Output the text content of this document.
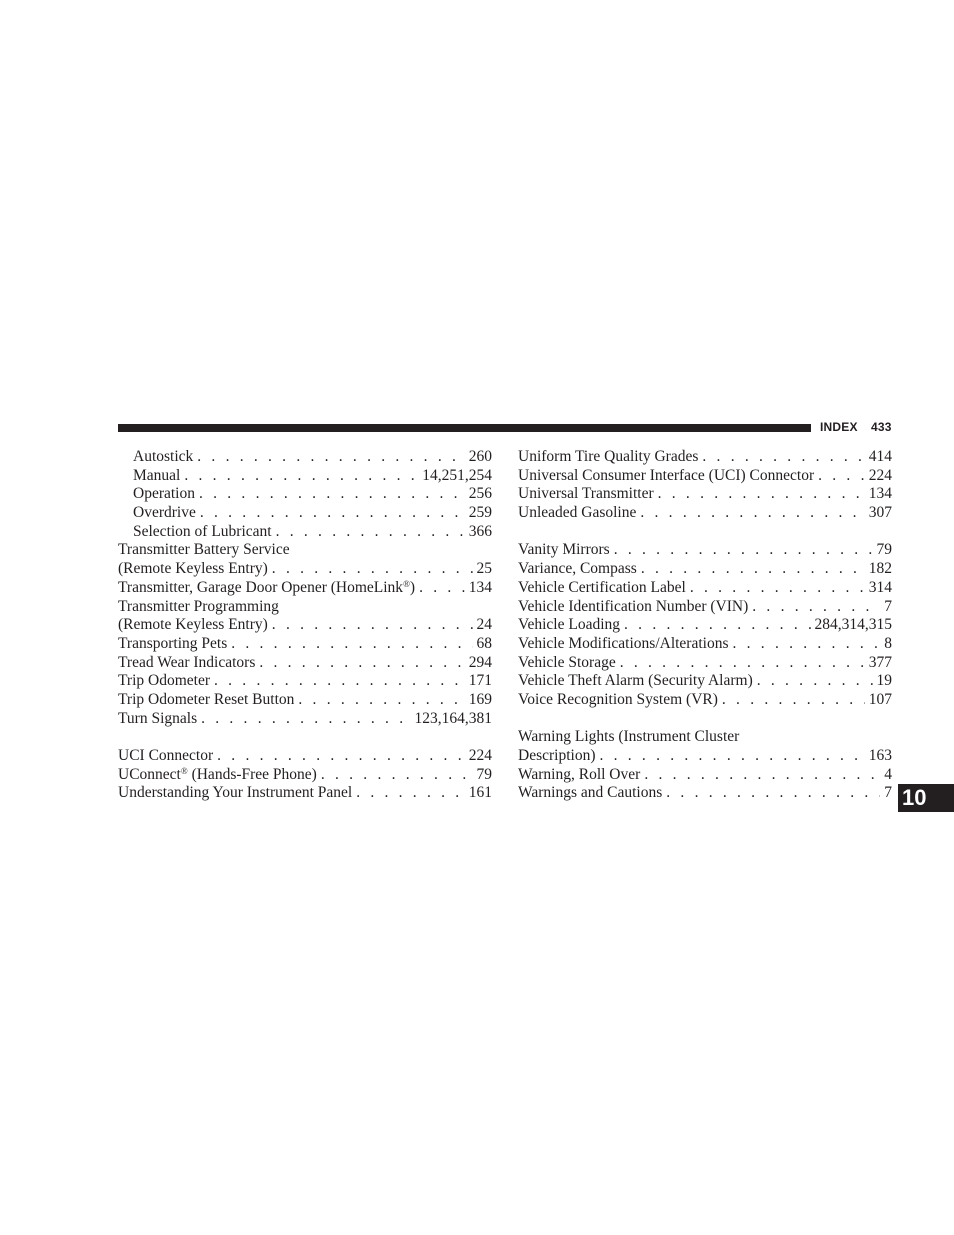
INDEX 433
Autostick . . .	260
Manual . . .	14,251,254
Operation . . .	256
Overdrive . . .	259
Selection of Lubricant . . .	366
Transmitter Battery Service
(Remote Keyless Entry) . . .	25
Transmitter, Garage Door Opener (HomeLink®) . . .	134
Transmitter Programming
(Remote Keyless Entry) . . .	24
Transporting Pets . . .	68
Tread Wear Indicators . . .	294
Trip Odometer . . .	171
Trip Odometer Reset Button . . .	169
Turn Signals . . .	123,164,381
UCI Connector . . .	224
UConnect® (Hands-Free Phone) . . .	79
Understanding Your Instrument Panel . . .	161
Uniform Tire Quality Grades . . .	414
Universal Consumer Interface (UCI) Connector . . .	224
Universal Transmitter . . .	134
Unleaded Gasoline . . .	307
Vanity Mirrors . . .	79
Variance, Compass . . .	182
Vehicle Certification Label . . .	314
Vehicle Identification Number (VIN) . . .	7
Vehicle Loading . . .	284,314,315
Vehicle Modifications/Alterations . . .	8
Vehicle Storage . . .	377
Vehicle Theft Alarm (Security Alarm) . . .	19
Voice Recognition System (VR) . . .	107
Warning Lights (Instrument Cluster
Description) . . .	163
Warning, Roll Over . . .	4
Warnings and Cautions . . .	7 10
